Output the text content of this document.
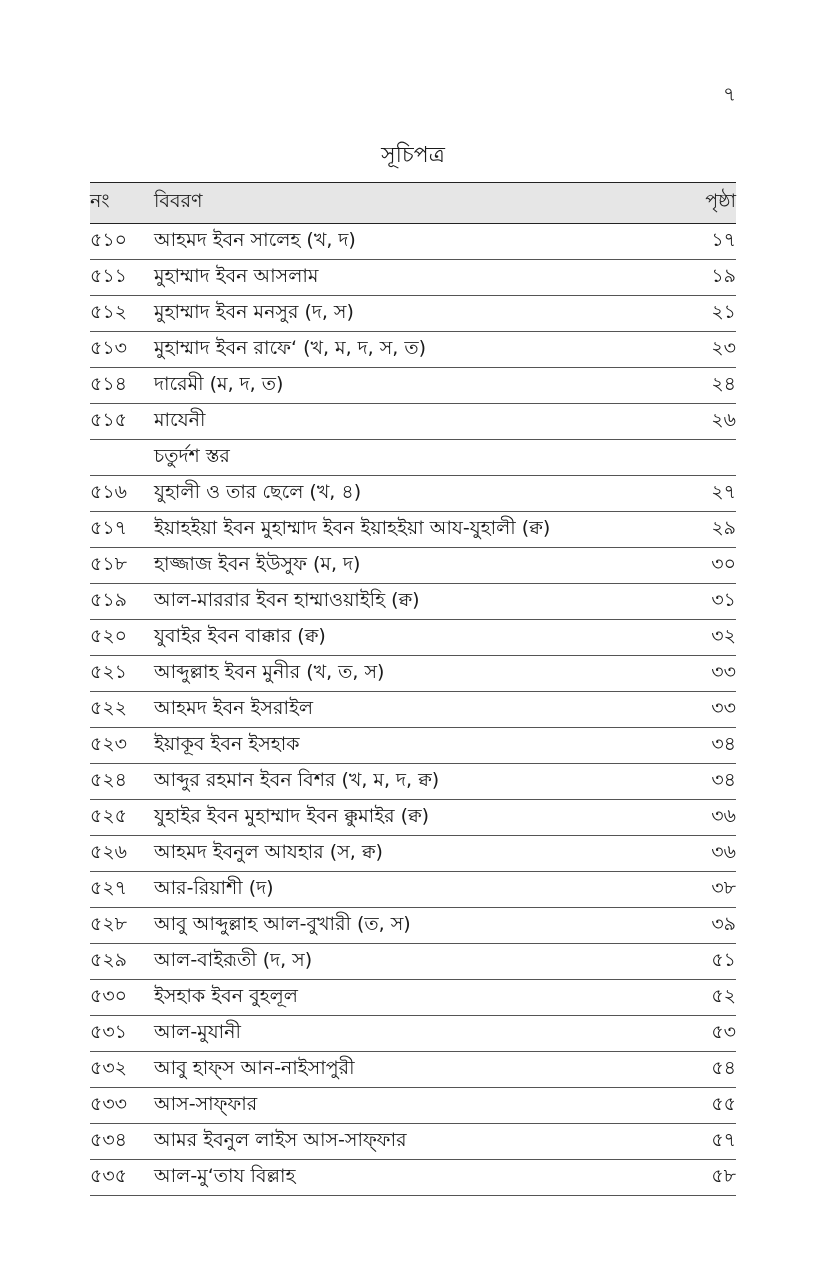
৭
সূচিপত্র
নং	বিবরণ	পৃষ্ঠা
৫১০	আহমদ ইবন সালেহ (খ, দ)	১৭
৫১১	মুহাম্মাদ ইবন আসলাম	১৯
৫১২	মুহাম্মাদ ইবন মনসুর (দ, স)	২১
৫১৩	মুহাম্মাদ ইবন রাফে‘ (খ, ম, দ, স, ত)	২৩
৫১৪	দারেমী (ম, দ, ত)	২৪
৫১৫	মাযেনী	২৬
	চতুর্দশ স্তর	
৫১৬	যুহালী ও তার ছেলে (খ, ৪)	২৭
৫১৭	ইয়াহইয়া ইবন মুহাম্মাদ ইবন ইয়াহইয়া আয-যুহালী (ক্ব)	২৯
৫১৮	হাজ্জাজ ইবন ইউসুফ (ম, দ)	৩০
৫১৯	আল-মাররার ইবন হাম্মাওয়াইহি (ক্ব)	৩১
৫২০	যুবাইর ইবন বাক্কার (ক্ব)	৩২
৫২১	আব্দুল্লাহ ইবন মুনীর (খ, ত, স)	৩৩
৫২২	আহমদ ইবন ইসরাইল	৩৩
৫২৩	ইয়াকূব ইবন ইসহাক	৩৪
৫২৪	আব্দুর রহমান ইবন বিশর (খ, ম, দ, ক্ব)	৩৪
৫২৫	যুহাইর ইবন মুহাম্মাদ ইবন ক্কুমাইর (ক্ব)	৩৬
৫২৬	আহমদ ইবনুল আযহার (স, ক্ব)	৩৬
৫২৭	আর-রিয়াশী (দ)	৩৮
৫২৮	আবু আব্দুল্লাহ আল-বুখারী (ত, স)	৩৯
৫২৯	আল-বাইরূতী (দ, স)	৫১
৫৩০	ইসহাক ইবন বুহলূল	৫২
৫৩১	আল-মুযানী	৫৩
৫৩২	আবু হাফ্স আন-নাইসাপুরী	৫৪
৫৩৩	আস-সাফ্ফার	৫৫
৫৩৪	আমর ইবনুল লাইস আস-সাফ্ফার	৫৭
৫৩৫	আল-মু‘তায বিল্লাহ	৫৮
